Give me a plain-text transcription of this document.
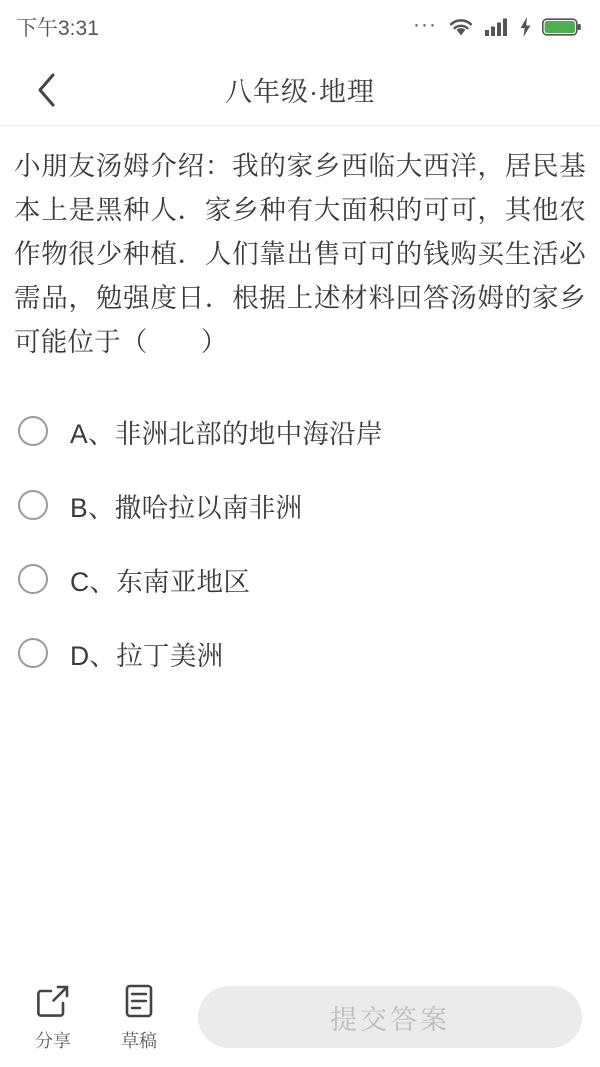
下午3:31	···
八年级·地理
小朋友汤姆介绍：我的家乡西临大西洋，居民基本上是黑种人．家乡种有大面积的可可，其他农作物很少种植．人们靠出售可可的钱购买生活必需品，勉强度日．根据上述材料回答汤姆的家乡可能位于（　　）
A、非洲北部的地中海沿岸
B、撒哈拉以南非洲
C、东南亚地区
D、拉丁美洲
分享	草稿
提交答案
